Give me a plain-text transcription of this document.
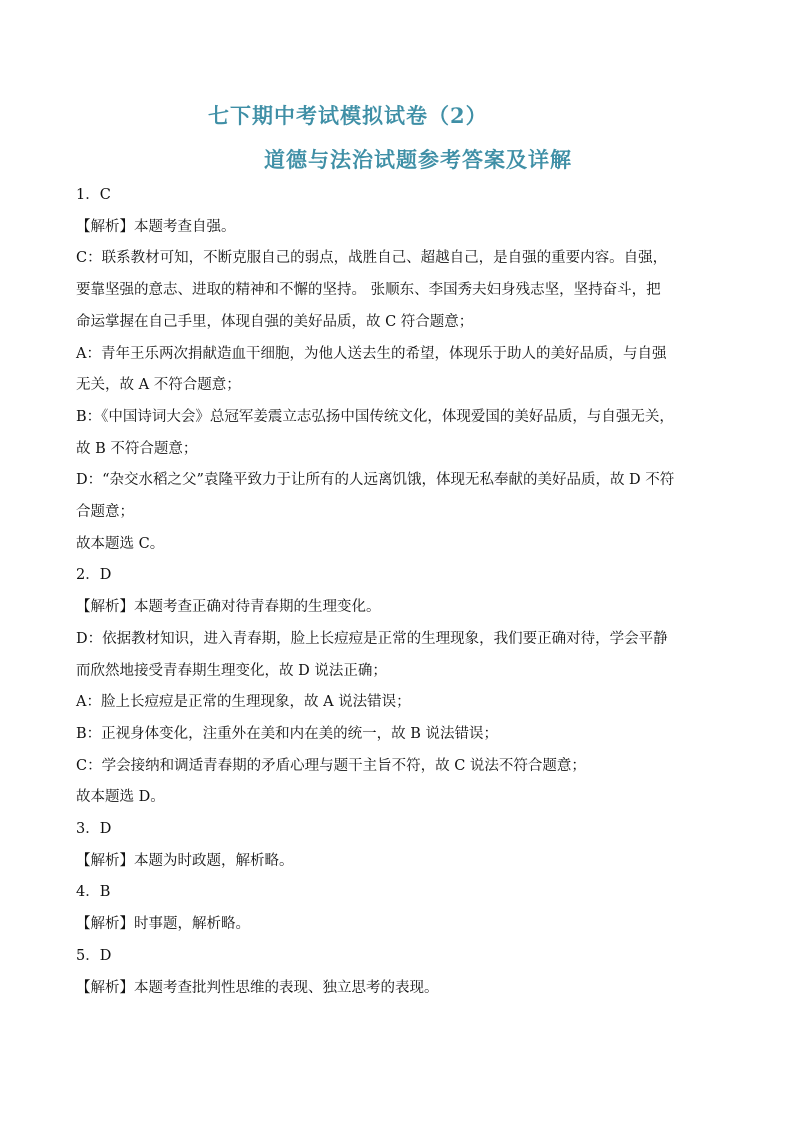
七下期中考试模拟试卷（2）
道德与法治试题参考答案及详解
1．C
【解析】本题考查自强。
C：联系教材可知，不断克服自己的弱点，战胜自己、超越自己，是自强的重要内容。自强，
要靠坚强的意志、进取的精神和不懈的坚持。 张顺东、李国秀夫妇身残志坚，坚持奋斗，把
命运掌握在自己手里，体现自强的美好品质，故 C 符合题意；
A：青年王乐两次捐献造血干细胞，为他人送去生的希望，体现乐于助人的美好品质，与自强
无关，故 A 不符合题意；
B：《中国诗词大会》总冠军姜震立志弘扬中国传统文化，体现爱国的美好品质，与自强无关，
故 B 不符合题意；
D：“杂交水稻之父”袁隆平致力于让所有的人远离饥饿，体现无私奉献的美好品质，故 D 不符
合题意；
故本题选 C。
2．D
【解析】本题考查正确对待青春期的生理变化。
D：依据教材知识，进入青春期，脸上长痘痘是正常的生理现象，我们要正确对待，学会平静
而欣然地接受青春期生理变化，故 D 说法正确；
A：脸上长痘痘是正常的生理现象，故 A 说法错误；
B：正视身体变化，注重外在美和内在美的统一，故 B 说法错误；
C：学会接纳和调适青春期的矛盾心理与题干主旨不符，故 C 说法不符合题意；
故本题选 D。
3．D
【解析】本题为时政题，解析略。
4．B
【解析】时事题，解析略。
5．D
【解析】本题考查批判性思维的表现、独立思考的表现。
